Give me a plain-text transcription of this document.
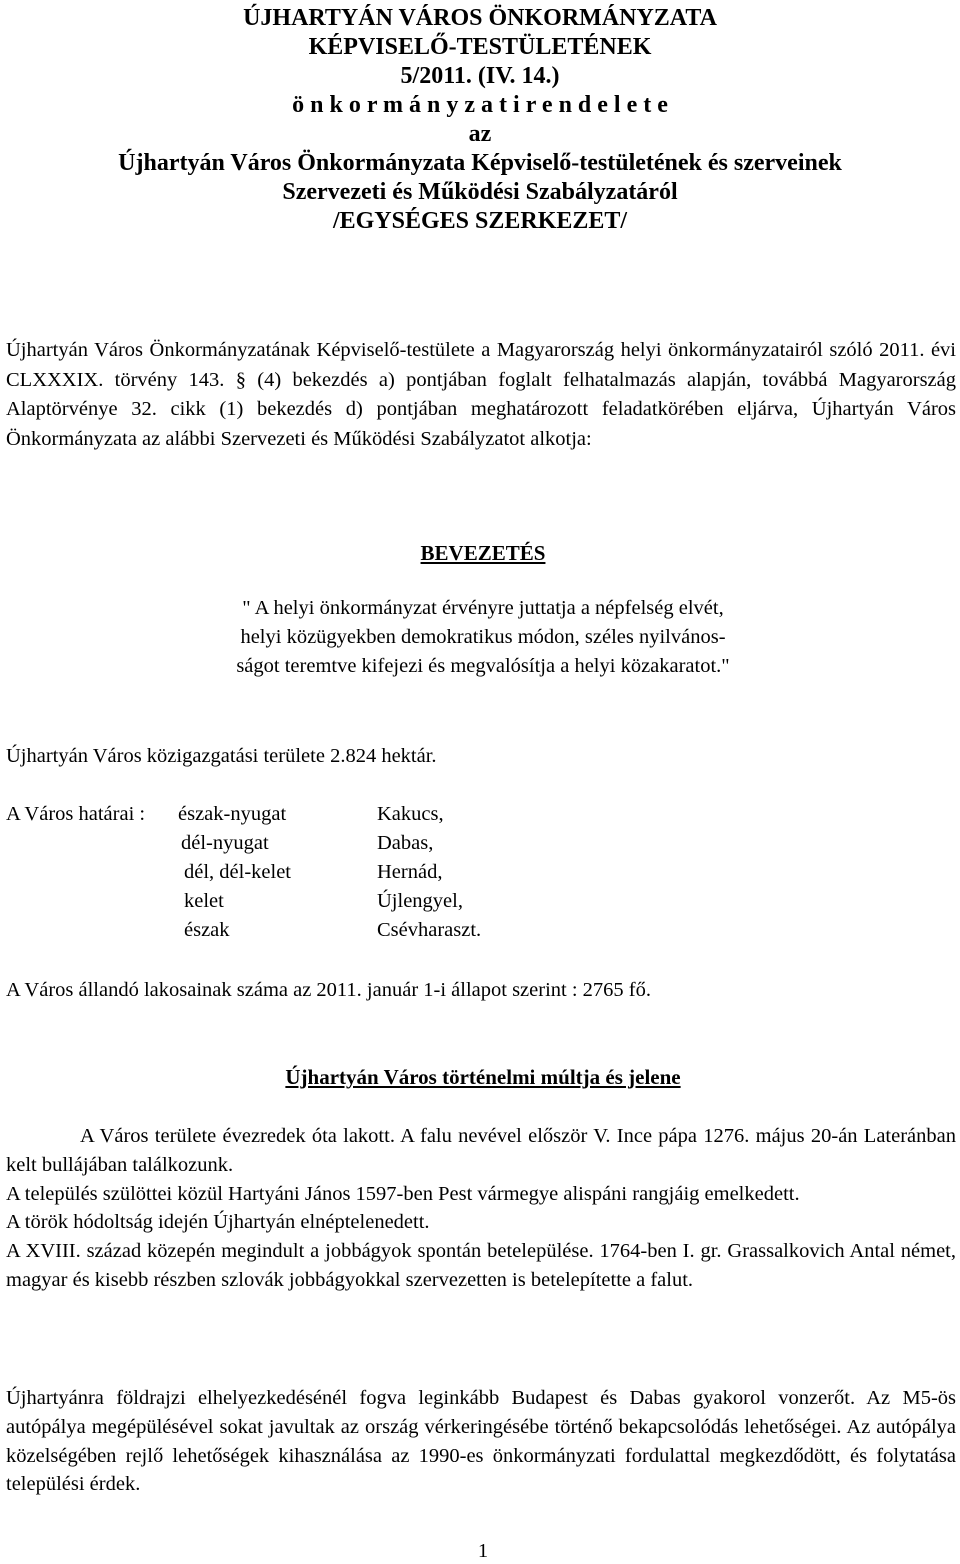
ÚJHARTYÁN VÁROS ÖNKORMÁNYZATA
KÉPVISELŐ-TESTÜLETÉNEK
5/2011. (IV. 14.)
ö n k o r m á n y z a t i r e n d e l e t e
az
Újhartyán Város Önkormányzata Képviselő-testületének és szerveinek
Szervezeti és Működési Szabályzatáról
/EGYSÉGES SZERKEZET/

Újhartyán Város Önkormányzatának Képviselő-testülete a Magyarország helyi önkormányzatairól szóló 2011. évi CLXXXIX. törvény 143. § (4) bekezdés a) pontjában foglalt felhatalmazás alapján, továbbá Magyarország Alaptörvénye 32. cikk (1) bekezdés d) pontjában meghatározott feladatkörében eljárva, Újhartyán Város Önkormányzata az alábbi Szervezeti és Működési Szabályzatot alkotja:

BEVEZETÉS
" A helyi önkormányzat érvényre juttatja a népfelség elvét,
helyi közügyekben demokratikus módon, széles nyilvános-
ságot teremtve kifejezi és megvalósítja a helyi közakaratot."
Újhartyán Város közigazgatási területe 2.824 hektár.
A Város határai : észak-nyugat	Kakucs,
dél-nyugat	Dabas,
dél, dél-kelet	Hernád,
kelet	Újlengyel,
észak	Csévharaszt.
A Város állandó lakosainak száma az 2011. január 1-i állapot szerint : 2765 fő.
Újhartyán Város történelmi múltja és jelene

A Város területe évezredek óta lakott. A falu nevével először V. Ince pápa 1276. május 20-án Lateránban kelt bullájában találkozunk.

A település szülöttei közül Hartyáni János 1597-ben Pest vármegye alispáni rangjáig emelkedett.

A török hódoltság idején Újhartyán elnéptelenedett.

A XVIII. század közepén megindult a jobbágyok spontán betelepülése. 1764-ben I. gr. Grassalkovich Antal német, magyar és kisebb részben szlovák jobbágyokkal szervezetten is betelepítette a falut.

Újhartyánra földrajzi elhelyezkedésénél fogva leginkább Budapest és Dabas gyakorol vonzerőt. Az M5-ös autópálya megépülésével sokat javultak az ország vérkeringésébe történő bekapcsolódás lehetőségei. Az autópálya közelségében rejlő lehetőségek kihasználása az 1990-es önkormányzati fordulattal megkezdődött, és folytatása települési érdek.

1
